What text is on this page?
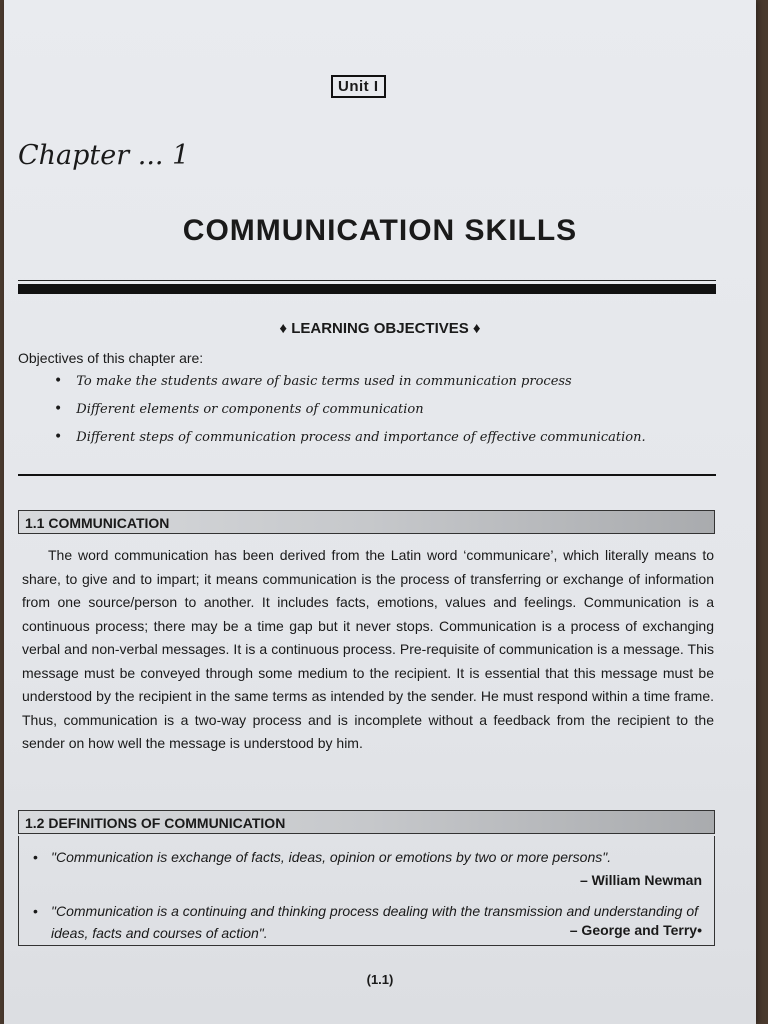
Unit I
Chapter ... 1
COMMUNICATION SKILLS
♦ LEARNING OBJECTIVES ♦
Objectives of this chapter are:
• To make the students aware of basic terms used in communication process
• Different elements or components of communication
• Different steps of communication process and importance of effective communication.
1.1 COMMUNICATION

The word communication has been derived from the Latin word ‘communicare’, which literally means to share, to give and to impart; it means communication is the process of transferring or exchange of information from one source/person to another. It includes facts, emotions, values and feelings. Communication is a continuous process; there may be a time gap but it never stops. Communication is a process of exchanging verbal and non-verbal messages. It is a continuous process. Pre-requisite of communication is a message. This message must be conveyed through some medium to the recipient. It is essential that this message must be understood by the recipient in the same terms as intended by the sender. He must respond within a time frame. Thus, communication is a two-way process and is incomplete without a feedback from the recipient to the sender on how well the message is understood by him.

1.2 DEFINITIONS OF COMMUNICATION
• "Communication is exchange of facts, ideas, opinion or emotions by two or more persons".
– William Newman
• "Communication is a continuing and thinking process dealing with the transmission and understanding of ideas, facts and courses of action".	– George and Terry•
(1.1)
